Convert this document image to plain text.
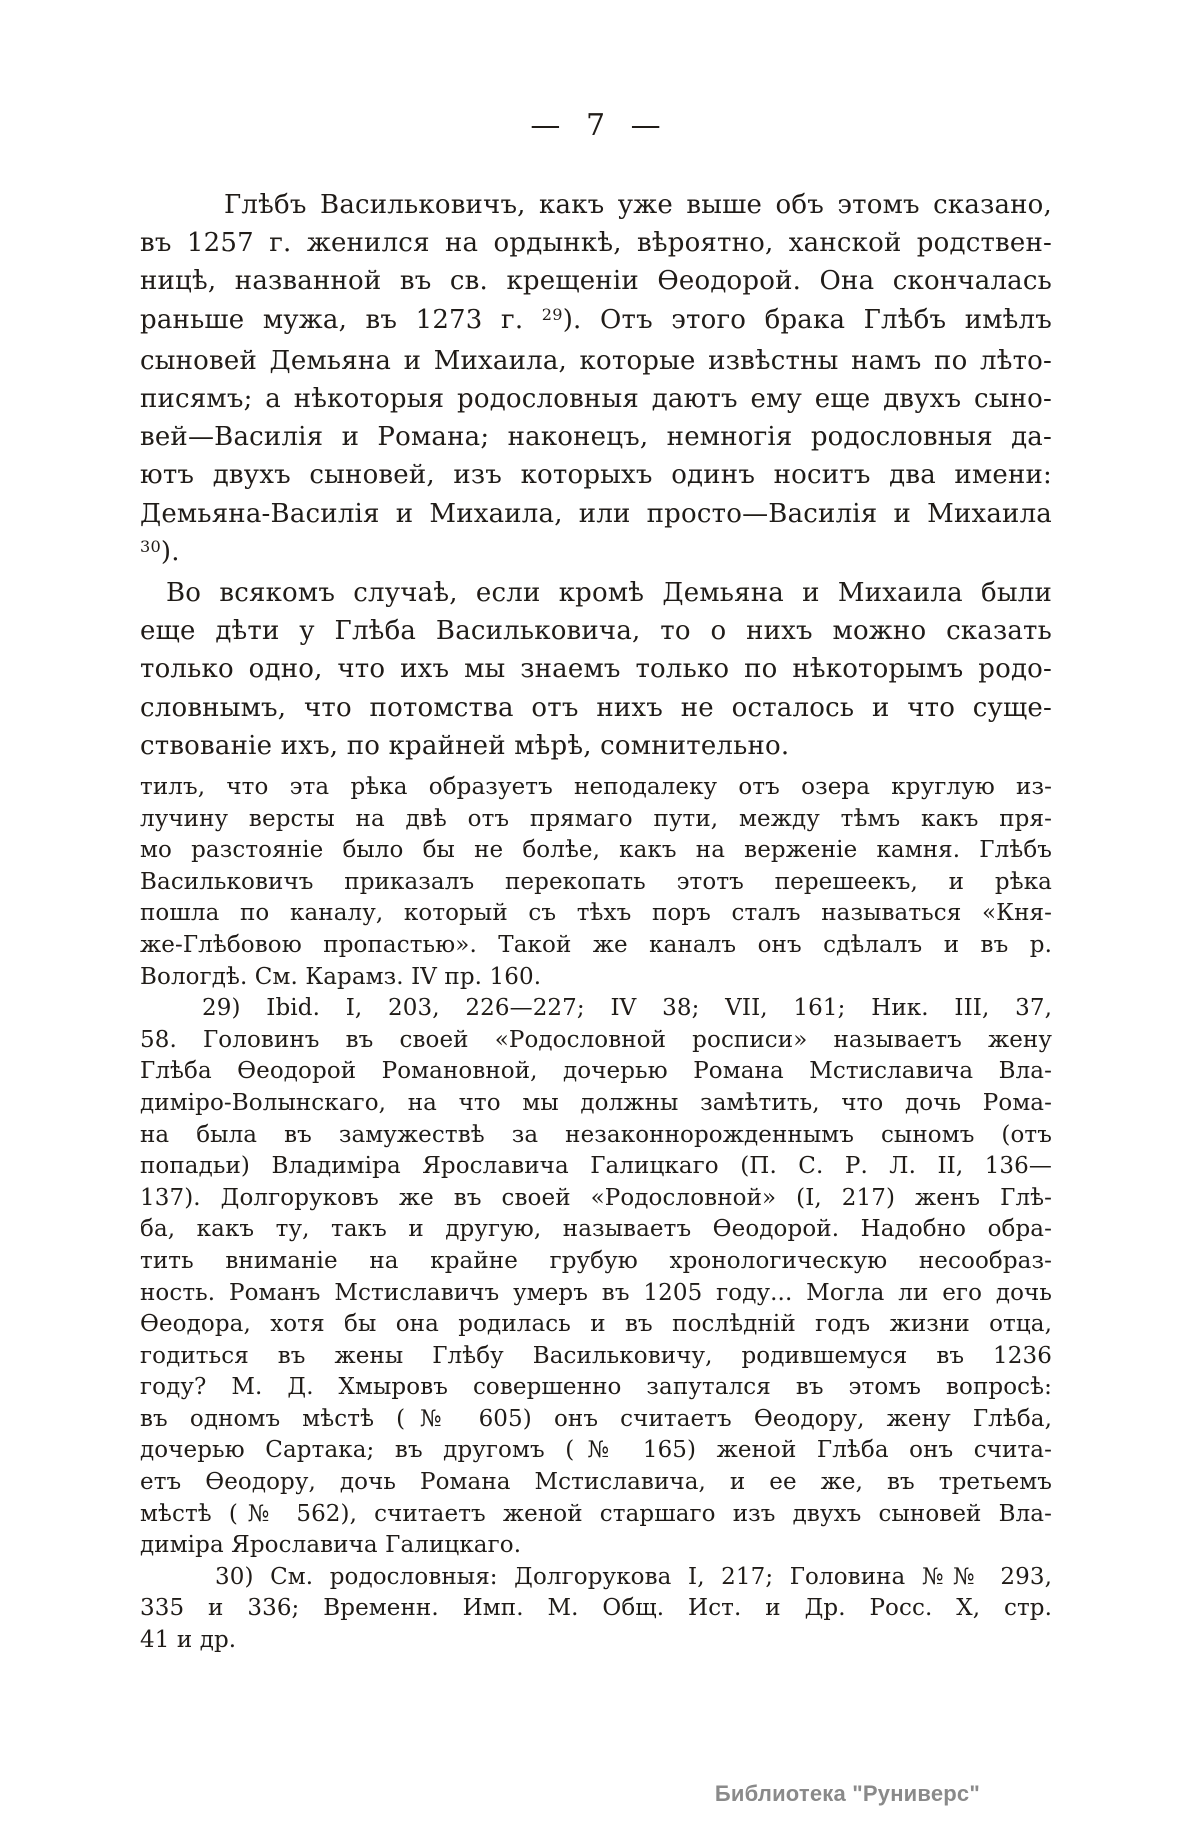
— 7 —
Глѣбъ Васильковичъ, какъ уже выше объ этомъ сказано,
въ 1257 г. женился на ордынкѣ, вѣроятно, ханской родствен-
ницѣ, названной въ св. крещеніи Ѳеодорой. Она скончалась
раньше мужа, въ 1273 г. $^{29}$). Отъ этого брака Глѣбъ имѣлъ
сыновей Демьяна и Михаила, которые извѣстны намъ по лѣто-
писямъ; а нѣкоторыя родословныя даютъ ему еще двухъ сыно-
вей—Василія и Романа; наконецъ, немногія родословныя да-
ютъ двухъ сыновей, изъ которыхъ одинъ носитъ два имени:
Демьяна-Василія и Михаила, или просто—Василія и Михаила $^{30}$).
Во всякомъ случаѣ, если кромѣ Демьяна и Михаила были
еще дѣти у Глѣба Васильковича, то о нихъ можно сказать
только одно, что ихъ мы знаемъ только по нѣкоторымъ родо-
словнымъ, что потомства отъ нихъ не осталось и что суще-
ствованіе ихъ, по крайней мѣрѣ, сомнительно.
тилъ, что эта рѣка образуетъ неподалеку отъ озера круглую из-
лучину версты на двѣ отъ прямаго пути, между тѣмъ какъ пря-
мо разстояніе было бы не болѣе, какъ на верженіе камня. Глѣбъ
Васильковичъ приказалъ перекопать этотъ перешеекъ, и рѣка
пошла по каналу, который съ тѣхъ поръ сталъ называться «Кня-
же-Глѣбовою пропастью». Такой же каналъ онъ сдѣлалъ и въ р.
Вологдѣ. См. Карамз. IV пр. 160.
29) Ibid. I, 203, 226—227; IV 38; VII, 161; Ник. III, 37,
58. Головинъ въ своей «Родословной росписи» называетъ жену
Глѣба Ѳеодорой Романовной, дочерью Романа Мстиславича Вла-
диміро-Волынскаго, на что мы должны замѣтить, что дочь Рома-
на была въ замужествѣ за незаконнорожденнымъ сыномъ (отъ
попадьи) Владиміра Ярославича Галицкаго (П. С. Р. Л. II, 136—
137). Долгоруковъ же въ своей «Родословной» (I, 217) женъ Глѣ-
ба, какъ ту, такъ и другую, называетъ Ѳеодорой. Надобно обра-
тить вниманіе на крайне грубую хронологическую несообраз-
ность. Романъ Мстиславичъ умеръ въ 1205 году... Могла ли его дочь
Ѳеодора, хотя бы она родилась и въ послѣдній годъ жизни отца,
годиться въ жены Глѣбу Васильковичу, родившемуся въ 1236
году? М. Д. Хмыровъ совершенно запутался въ этомъ вопросѣ:
въ одномъ мѣстѣ (№ 605) онъ считаетъ Ѳеодору, жену Глѣба,
дочерью Сартака; въ другомъ (№ 165) женой Глѣба онъ счита-
етъ Ѳеодору, дочь Романа Мстиславича, и ее же, въ третьемъ
мѣстѣ (№ 562), считаетъ женой старшаго изъ двухъ сыновей Вла-
диміра Ярославича Галицкаго.
30) См. родословныя: Долгорукова I, 217; Головина №№ 293,
335 и 336; Временн. Имп. М. Общ. Ист. и Др. Росс. X, стр.
41 и др.
Библиотека "Руниверс"
